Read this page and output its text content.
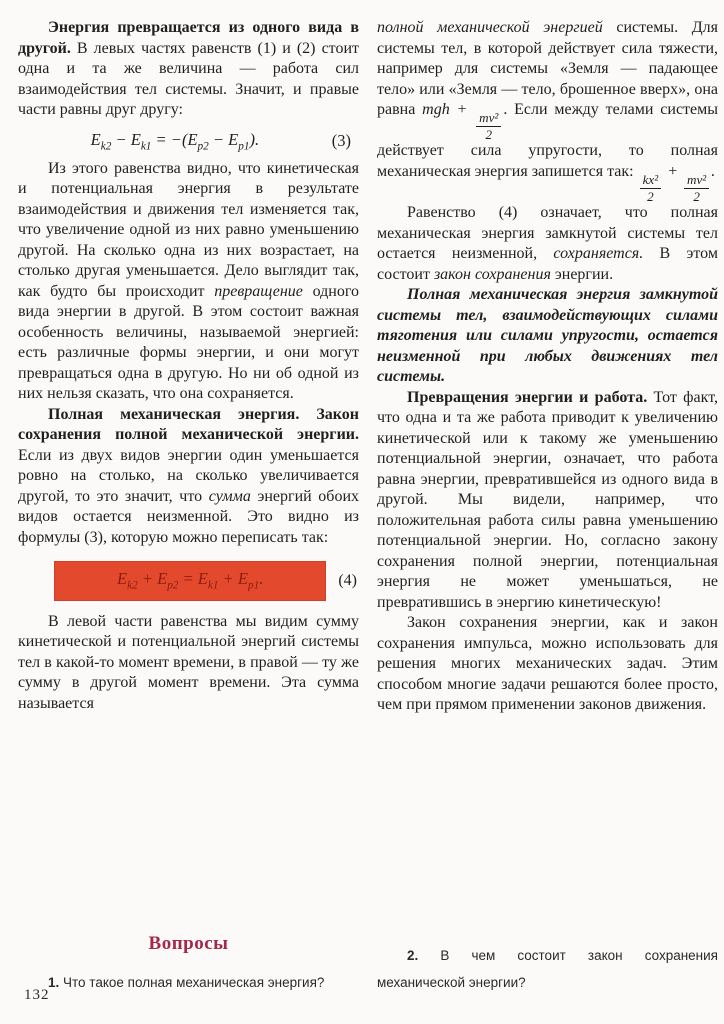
Энергия превращается из одного вида в другой. В левых частях равенств (1) и (2) стоит одна и та же величина — работа сил взаимодействия тел системы. Значит, и правые части равны друг другу:

$E_{k2} - E_{k1} = -(E_{p2} - E_{p1})$.	(3)

Из этого равенства видно, что кинетическая и потенциальная энергия в результате взаимодействия и движения тел изменяется так, что увеличение одной из них равно уменьшению другой. На сколько одна из них возрастает, на столько другая уменьшается. Дело выглядит так, как будто бы происходит превращение одного вида энергии в другой. В этом состоит важная особенность величины, называемой энергией: есть различные формы энергии, и они могут превращаться одна в другую. Но ни об одной из них нельзя сказать, что она сохраняется.

Полная механическая энергия. Закон сохранения полной механической энергии. Если из двух видов энергии один уменьшается ровно на столько, на сколько увеличивается другой, то это значит, что сумма энергий обоих видов остается неизменной. Это видно из формулы (3), которую можно переписать так:

$E_{k2} + E_{p2} = E_{k1} + E_{p1}$.	(4)

В левой части равенства мы видим сумму кинетической и потенциальной энергий системы тел в какой-то момент времени, в правой — ту же сумму в другой момент времени. Эта сумма называется

Вопросы

1. Что такое полная механическая энергия?

полной механической энергией системы. Для системы тел, в которой действует сила тяжести, например для системы «Земля — падающее тело» или «Земля — тело, брошенное вверх», она равна mgh +
$\frac{\text{mv²}}{2}$
. Если между телами системы действует сила упругости, то полная механическая энергия запишется так:
$\frac{\text{kx²}}{2}$
+
$\frac{\text{mv²}}{2}$
.

Равенство (4) означает, что полная механическая энергия замкнутой системы тел остается неизменной, сохраняется. В этом состоит закон сохранения энергии.

Полная механическая энергия замкнутой системы тел, взаимодействующих силами тяготения или силами упругости, остается неизменной при любых движениях тел системы.

Превращения энергии и работа. Тот факт, что одна и та же работа приводит к увеличению кинетической или к такому же уменьшению потенциальной энергии, означает, что работа равна энергии, превратившейся из одного вида в другой. Мы видели, например, что положительная работа силы равна уменьшению потенциальной энергии. Но, согласно закону сохранения полной энергии, потенциальная энергия не может уменьшаться, не превратившись в энергию кинетическую!

Закон сохранения энергии, как и закон сохранения импульса, можно использовать для решения многих механических задач. Этим способом многие задачи решаются более просто, чем при прямом применении законов движения.

2. В чем состоит закон сохранения механической энергии?

132
